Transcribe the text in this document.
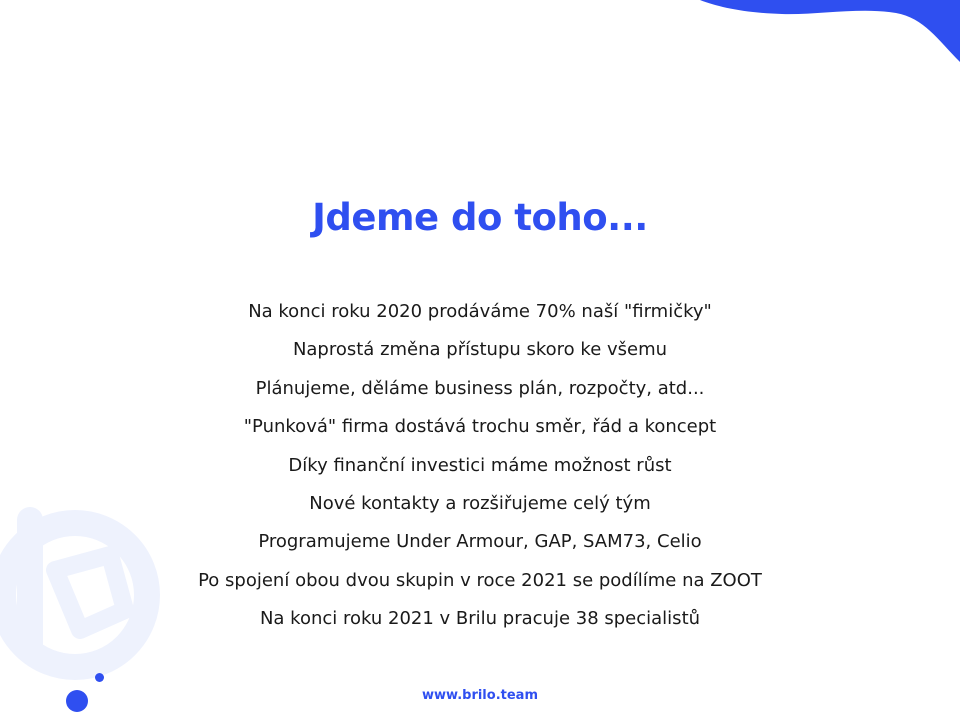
Jdeme do toho...
Na konci roku 2020 prodáváme 70% naší "firmičky"
Naprostá změna přístupu skoro ke všemu
Plánujeme, děláme business plán, rozpočty, atd...
"Punková" firma dostává trochu směr, řád a koncept
Díky finanční investici máme možnost růst
Nové kontakty a rozšiřujeme celý tým
Programujeme Under Armour, GAP, SAM73, Celio
Po spojení obou dvou skupin v roce 2021 se podílíme na ZOOT
Na konci roku 2021 v Brilu pracuje 38 specialistů
www.brilo.team
